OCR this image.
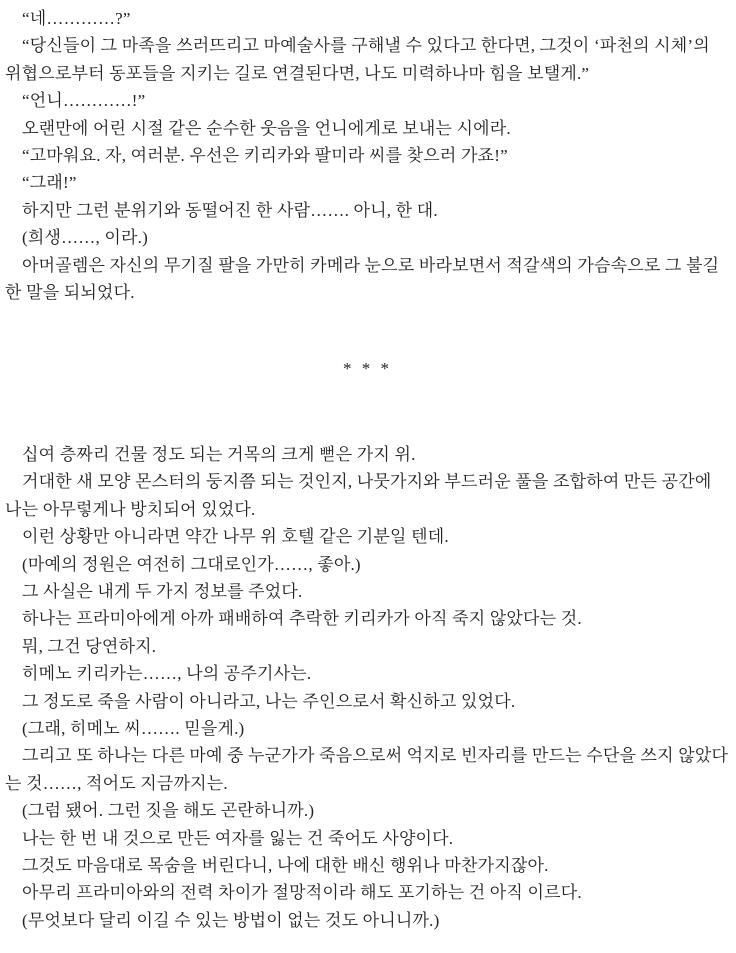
“네…………?”

“당신들이 그 마족을 쓰러뜨리고 마예술사를 구해낼 수 있다고 한다면, 그것이 ‘파천의 시체’의 위협으로부터 동포들을 지키는 길로 연결된다면, 나도 미력하나마 힘을 보탤게.”

“언니…………!”

오랜만에 어린 시절 같은 순수한 웃음을 언니에게로 보내는 시에라.

“고마워요. 자, 여러분. 우선은 키리카와 팔미라 씨를 찾으러 가죠!”

“그래!”

하지만 그런 분위기와 동떨어진 한 사람……. 아니, 한 대.

(희생……, 이라.)

아머골렘은 자신의 무기질 팔을 가만히 카메라 눈으로 바라보면서 적갈색의 가슴속으로 그 불길한 말을 되뇌었다.

* * *

십여 층짜리 건물 정도 되는 거목의 크게 뻗은 가지 위.

거대한 새 모양 몬스터의 둥지쯤 되는 것인지, 나뭇가지와 부드러운 풀을 조합하여 만든 공간에 나는 아무렇게나 방치되어 있었다.

이런 상황만 아니라면 약간 나무 위 호텔 같은 기분일 텐데.

(마예의 정원은 여전히 그대로인가……, 좋아.)

그 사실은 내게 두 가지 정보를 주었다.

하나는 프라미아에게 아까 패배하여 추락한 키리카가 아직 죽지 않았다는 것.

뭐, 그건 당연하지.

히메노 키리카는……, 나의 공주기사는.

그 정도로 죽을 사람이 아니라고, 나는 주인으로서 확신하고 있었다.

(그래, 히메노 씨……. 믿을게.)

그리고 또 하나는 다른 마예 중 누군가가 죽음으로써 억지로 빈자리를 만드는 수단을 쓰지 않았다는 것……, 적어도 지금까지는.

(그럼 됐어. 그런 짓을 해도 곤란하니까.)

나는 한 번 내 것으로 만든 여자를 잃는 건 죽어도 사양이다.

그것도 마음대로 목숨을 버린다니, 나에 대한 배신 행위나 마찬가지잖아.

아무리 프라미아와의 전력 차이가 절망적이라 해도 포기하는 건 아직 이르다.

(무엇보다 달리 이길 수 있는 방법이 없는 것도 아니니까.)
